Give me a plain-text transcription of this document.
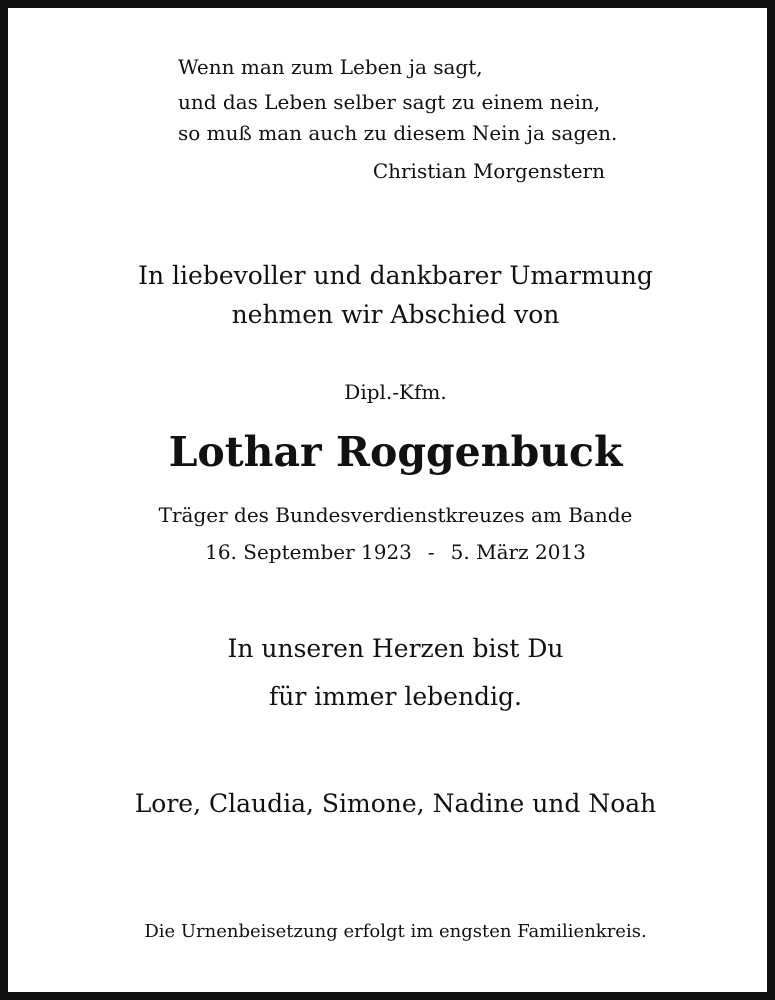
Wenn man zum Leben ja sagt,
und das Leben selber sagt zu einem nein,
so muß man auch zu diesem Nein ja sagen.
Christian Morgenstern
In liebevoller und dankbarer Umarmung
nehmen wir Abschied von
Dipl.-Kfm.
Lothar Roggenbuck
Träger des Bundesverdienstkreuzes am Bande
16. September 1923 - 5. März 2013
In unseren Herzen bist Du
für immer lebendig.
Lore, Claudia, Simone, Nadine und Noah
Die Urnenbeisetzung erfolgt im engsten Familienkreis.
